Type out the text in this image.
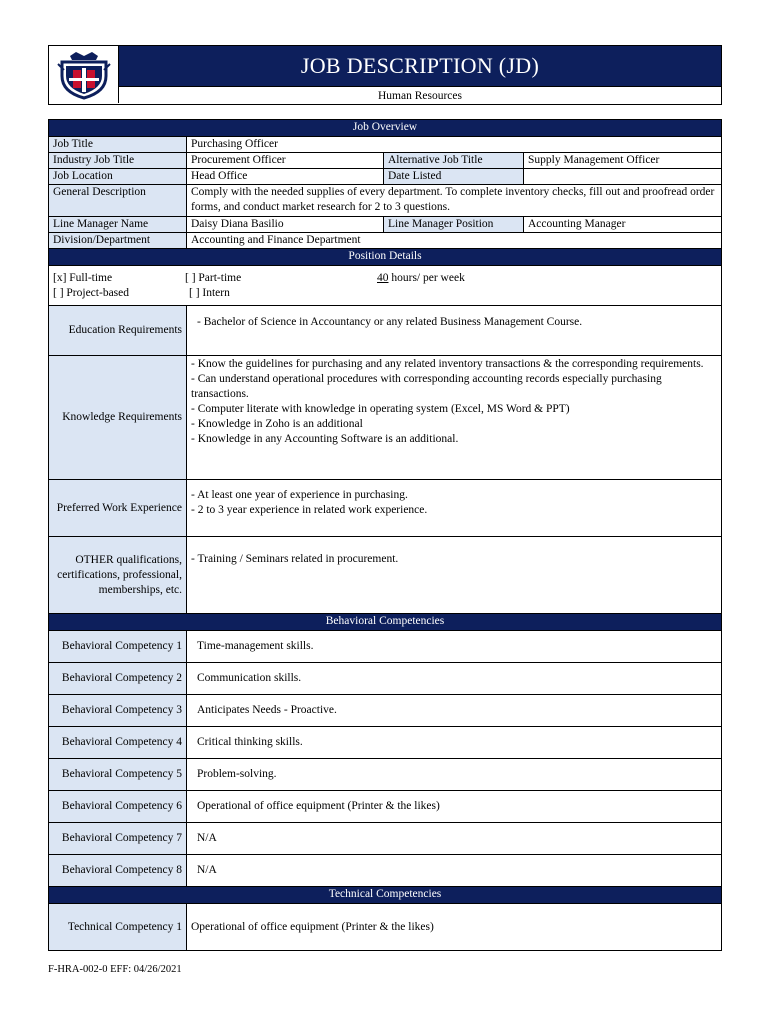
JOB DESCRIPTION (JD)
Human Resources
Job Overview			
Job Title	Purchasing Officer		
Industry Job Title	Procurement Officer	Alternative Job Title	Supply Management Officer
Job Location	Head Office	Date Listed	
General Description	Comply with the needed supplies of every department. To complete inventory checks, fill out and proofread order forms, and conduct market research for 2 to 3 questions.		
Line Manager Name	Daisy Diana Basilio	Line Manager Position	Accounting Manager
Division/Department	Accounting and Finance Department		
Position Details			

[x] Full-time [ ] Part-time 40 hours/ per week
[ ] Project-based [ ] Intern			

Education Requirements	- Bachelor of Science in Accountancy or any related Business Management Course.		
Knowledge Requirements	- Know the guidelines for purchasing and any related inventory transactions & the corresponding requirements.
- Can understand operational procedures with corresponding accounting records especially purchasing transactions.
- Computer literate with knowledge in operating system (Excel, MS Word & PPT)
- Knowledge in Zoho is an additional
- Knowledge in any Accounting Software is an additional.		

Preferred Work Experience	- At least one year of experience in purchasing.
- 2 to 3 year experience in related work experience.		

OTHER qualifications, certifications, professional, memberships, etc.	- Training / Seminars related in procurement.		
Behavioral Competencies			
Behavioral Competency 1	Time-management skills.		
Behavioral Competency 2	Communication skills.		
Behavioral Competency 3	Anticipates Needs - Proactive.		
Behavioral Competency 4	Critical thinking skills.		
Behavioral Competency 5	Problem-solving.		
Behavioral Competency 6	Operational of office equipment (Printer & the likes)		
Behavioral Competency 7	N/A		
Behavioral Competency 8	N/A		
Technical Competencies			
Technical Competency 1	Operational of office equipment (Printer & the likes)		
F-HRA-002-0 EFF: 04/26/2021
